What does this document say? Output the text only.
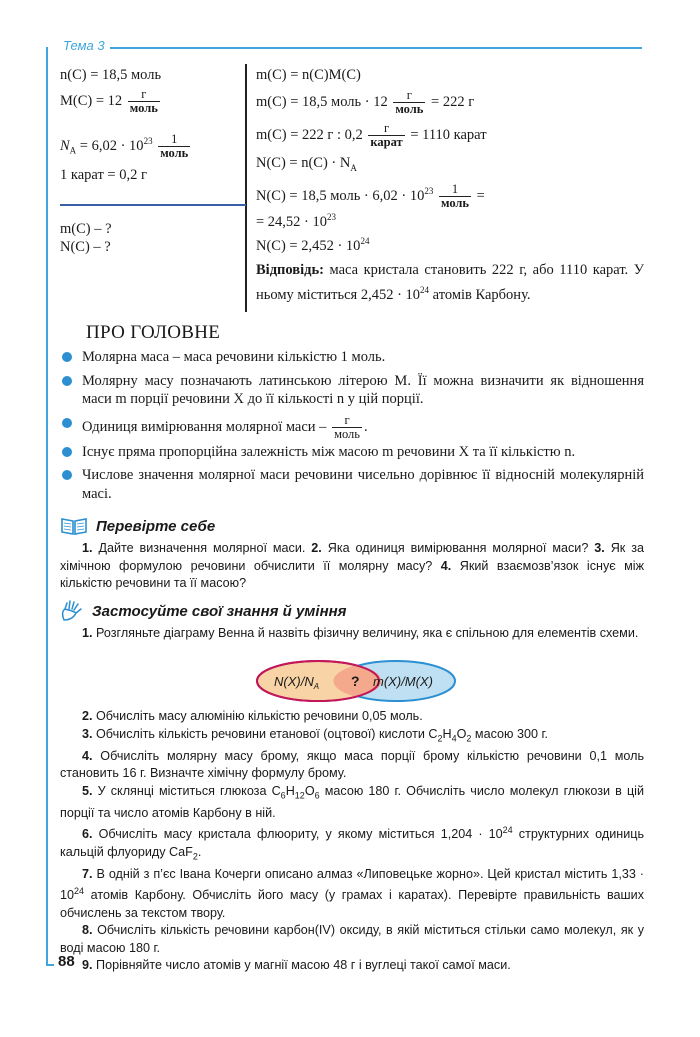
Тема 3
n(C) = 18,5 моль
$M(C) = 12 \frac{г}{\text{моль}}$
$N_A = 6,02 \cdot 10^{23} \frac{1}{\text{моль}}$
1 карат = 0,2 г
m(C) – ?
N(C) – ?
m(C) = n(C)M(C)
m(C) = 18,5 моль · $12 \frac{г}{\text{моль}} = 222$ г
m(C) = 222 г : $0,2 \frac{г}{\text{карат}} = 1110$ карат
$N(C) = n(C) \cdot N_A$
N(C) = 18,5 моль · $6,02 \cdot 10^{23} \frac{1}{\text{моль}}$ =
= $24,52 \cdot 10^{23}$
$N(C) = 2,452 \cdot 10^{24}$
Відповідь: маса кристала становить 222 г, або 1110 карат. У ньому міститься $2,452 \cdot 10^{24}$ атомів Карбону.
ПРО ГОЛОВНЕ
Молярна маса – маса речовини кількістю 1 моль.
Молярну масу позначають латинською літерою M. Її можна визначити як відношення маси m порції речовини X до її кількості n у цій порції.
Одиниця вимірювання молярної маси – $\frac{г}{\text{моль}}$ .
Існує пряма пропорційна залежність між масою m речовини X та її кількістю n.
Числове значення молярної маси речовини чисельно дорівнює її відносній молекулярній масі.
Перевірте себе

1. Дайте визначення молярної маси. 2. Яка одиниця вимірювання молярної маси? 3. Як за хімічною формулою речовини обчислити її молярну масу? 4. Який взаємозв’язок існує між кількістю речовини та її масою?

Застосуйте свої знання й уміння

1. Розгляньте діаграму Венна й назвіть фізичну величину, яка є спільною для елементів схеми.

$N(X)/N_A$ ? m(X)/M(X)

2. Обчисліть масу алюмінію кількістю речовини 0,05 моль.

3. Обчисліть кількість речовини етанової (оцтової) кислоти $C_2H_4O_2$ масою 300 г.

4. Обчисліть молярну масу брому, якщо маса порції брому кількістю речовини 0,1 моль становить 16 г. Визначте хімічну формулу брому.

5. У склянці міститься глюкоза $C_6H_{12}O_6$ масою 180 г. Обчисліть число молекул глюкози в цій порції та число атомів Карбону в ній.

6. Обчисліть масу кристала флюориту, у якому міститься $1,204 \cdot 10^{24}$ структурних одиниць кальцій флуориду CaF$_2$.

7. В одній з п’єс Івана Кочерги описано алмаз «Липовецьке жорно». Цей кристал містить $1,33 \cdot 10^{24}$ атомів Карбону. Обчисліть його масу (у грамах і каратах). Перевірте правильність ваших обчислень за текстом твору.

8. Обчисліть кількість речовини карбон(IV) оксиду, в якій міститься стільки само молекул, як у воді масою 180 г.

9. Порівняйте число атомів у магнії масою 48 г і вуглеці такої самої маси.

88
